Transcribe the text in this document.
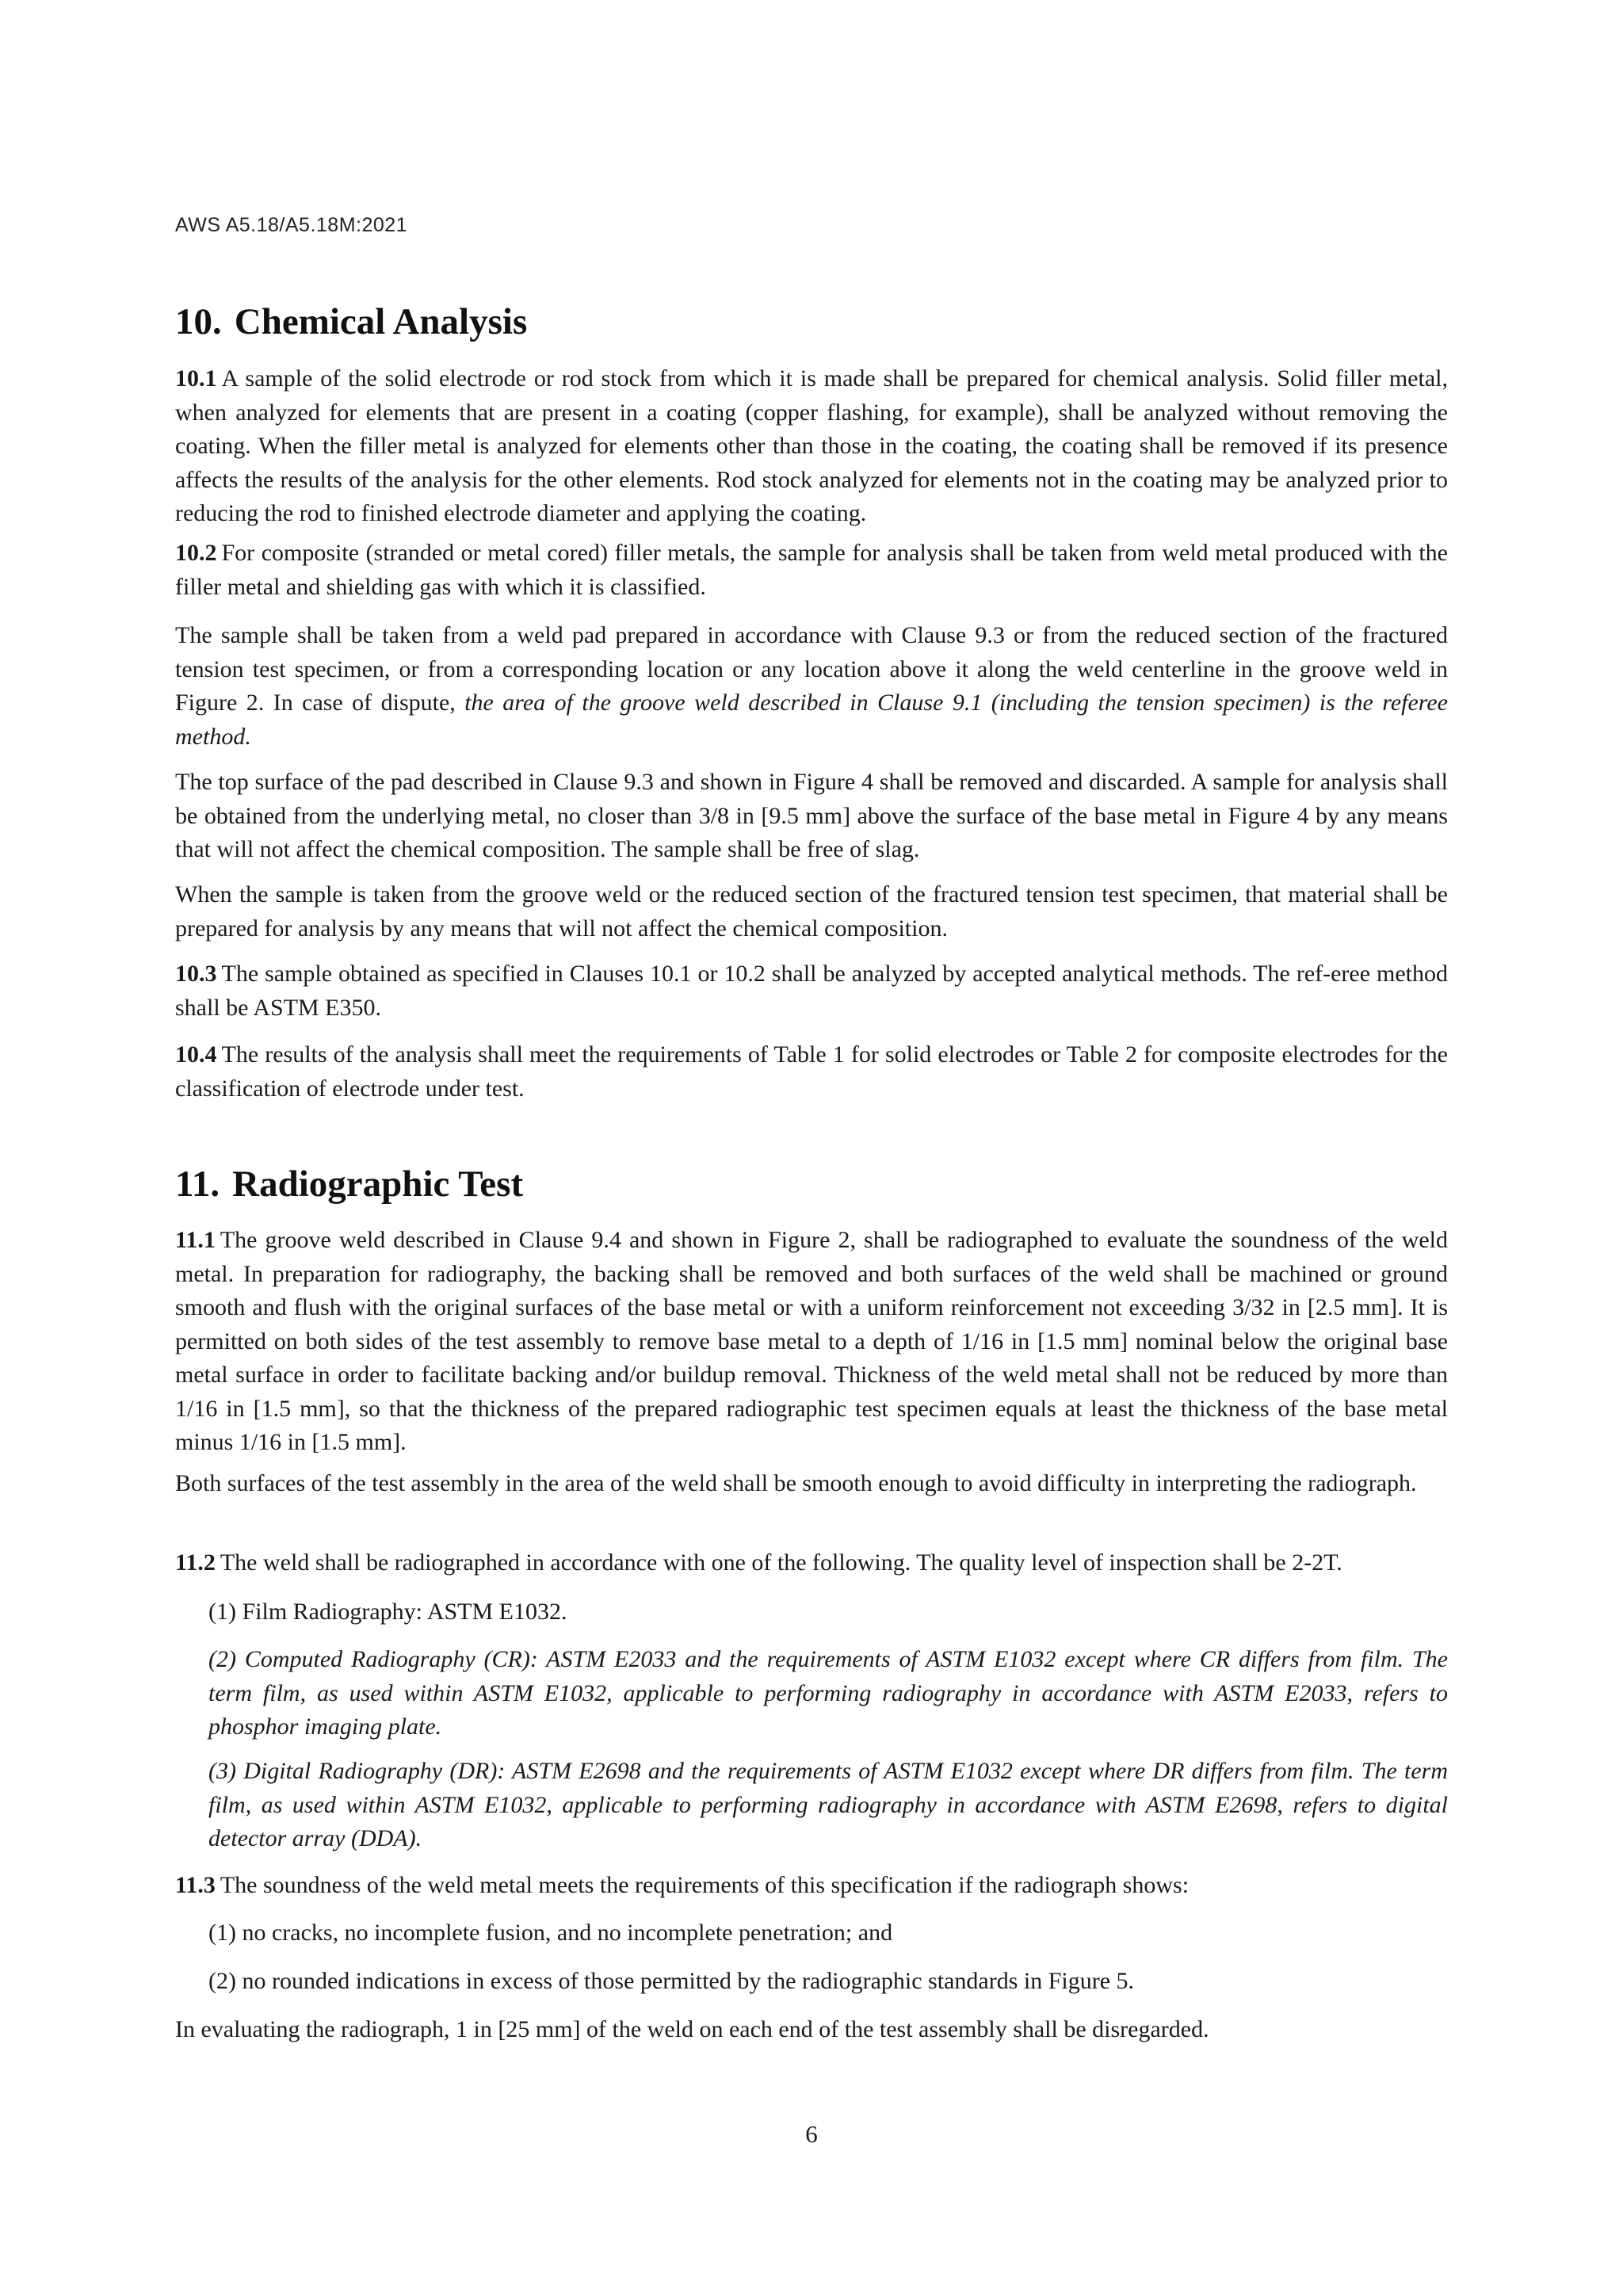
AWS A5.18/A5.18M:2021
10. Chemical Analysis

10.1 A sample of the solid electrode or rod stock from which it is made shall be prepared for chemical analysis. Solid filler metal, when analyzed for elements that are present in a coating (copper flashing, for example), shall be analyzed without removing the coating. When the filler metal is analyzed for elements other than those in the coating, the coating shall be removed if its presence affects the results of the analysis for the other elements. Rod stock analyzed for elements not in the coating may be analyzed prior to reducing the rod to finished electrode diameter and applying the coating.

10.2 For composite (stranded or metal cored) filler metals, the sample for analysis shall be taken from weld metal produced with the filler metal and shielding gas with which it is classified.

The sample shall be taken from a weld pad prepared in accordance with Clause 9.3 or from the reduced section of the fractured tension test specimen, or from a corresponding location or any location above it along the weld centerline in the groove weld in Figure 2. In case of dispute, the area of the groove weld described in Clause 9.1 (including the tension specimen) is the referee method.

The top surface of the pad described in Clause 9.3 and shown in Figure 4 shall be removed and discarded. A sample for analysis shall be obtained from the underlying metal, no closer than 3/8 in [9.5 mm] above the surface of the base metal in Figure 4 by any means that will not affect the chemical composition. The sample shall be free of slag.

When the sample is taken from the groove weld or the reduced section of the fractured tension test specimen, that material shall be prepared for analysis by any means that will not affect the chemical composition.

10.3 The sample obtained as specified in Clauses 10.1 or 10.2 shall be analyzed by accepted analytical methods. The ref-eree method shall be ASTM E350.

10.4 The results of the analysis shall meet the requirements of Table 1 for solid electrodes or Table 2 for composite electrodes for the classification of electrode under test.

11. Radiographic Test

11.1 The groove weld described in Clause 9.4 and shown in Figure 2, shall be radiographed to evaluate the soundness of the weld metal. In preparation for radiography, the backing shall be removed and both surfaces of the weld shall be machined or ground smooth and flush with the original surfaces of the base metal or with a uniform reinforcement not exceeding 3/32 in [2.5 mm]. It is permitted on both sides of the test assembly to remove base metal to a depth of 1/16 in [1.5 mm] nominal below the original base metal surface in order to facilitate backing and/or buildup removal. Thickness of the weld metal shall not be reduced by more than 1/16 in [1.5 mm], so that the thickness of the prepared radiographic test specimen equals at least the thickness of the base metal minus 1/16 in [1.5 mm].

Both surfaces of the test assembly in the area of the weld shall be smooth enough to avoid difficulty in interpreting the radiograph.

11.2 The weld shall be radiographed in accordance with one of the following. The quality level of inspection shall be 2-2T.

(1) Film Radiography: ASTM E1032.

(2) Computed Radiography (CR): ASTM E2033 and the requirements of ASTM E1032 except where CR differs from film. The term film, as used within ASTM E1032, applicable to performing radiography in accordance with ASTM E2033, refers to phosphor imaging plate.

(3) Digital Radiography (DR): ASTM E2698 and the requirements of ASTM E1032 except where DR differs from film. The term film, as used within ASTM E1032, applicable to performing radiography in accordance with ASTM E2698, refers to digital detector array (DDA).

11.3 The soundness of the weld metal meets the requirements of this specification if the radiograph shows:

(1) no cracks, no incomplete fusion, and no incomplete penetration; and

(2) no rounded indications in excess of those permitted by the radiographic standards in Figure 5.

In evaluating the radiograph, 1 in [25 mm] of the weld on each end of the test assembly shall be disregarded.

6
